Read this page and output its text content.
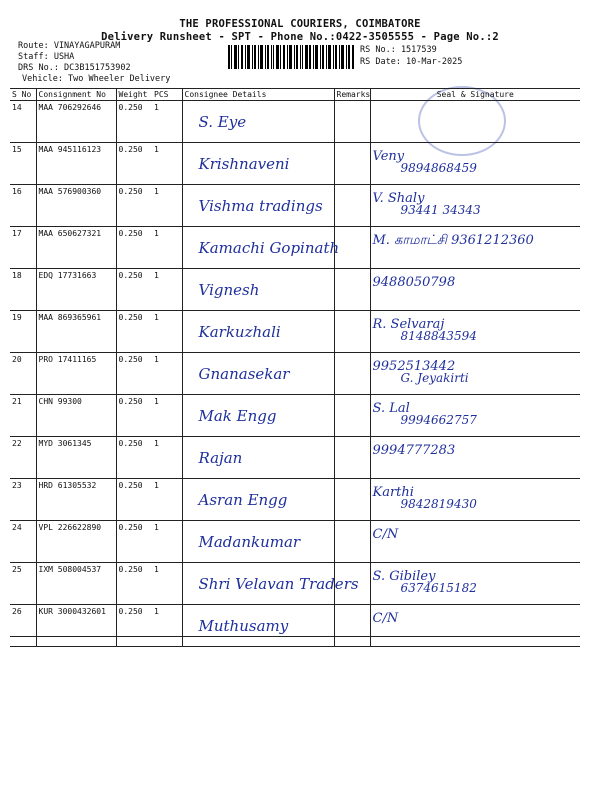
THE PROFESSIONAL COURIERS, COIMBATORE
Delivery Runsheet - SPT - Phone No.:0422-3505555 - Page No.:2
Route: VINAYAGAPURAM
Staff: USHA
DRS No.: DC3B151753902
Vehicle: Two Wheeler Delivery
RS No.: 1517539
RS Date: 10-Mar-2025
S No	Consignment No	Weight	PCS	Consignee Details	Remarks	Seal & Signature
14	MAA 706292646	0.250	1	S. Eye		

15	MAA 945116123	0.250	1	Krishnaveni		Veny
9894868459

16	MAA 576900360	0.250	1	Vishma tradings		V. Shaly
93441 34343

17	MAA 650627321	0.250	1	Kamachi Gopinath		M. காமாட்சி 9361212360

18	EDQ 17731663	0.250	1	Vignesh		9488050798

19	MAA 869365961	0.250	1	Karkuzhali		R. Selvaraj
8148843594

20	PRO 17411165	0.250	1	Gnanasekar		9952513442
G. Jeyakirti

21	CHN 99300	0.250	1	Mak Engg		S. Lal
9994662757

22	MYD 3061345	0.250	1	Rajan		9994777283

23	HRD 61305532	0.250	1	Asran Engg		Karthi
9842819430

24	VPL 226622890	0.250	1	Madankumar		C/N

25	IXM 508004537	0.250	1	Shri Velavan Traders		S. Gibiley
6374615182

26	KUR 3000432601	0.250	1	Muthusamy		C/N
